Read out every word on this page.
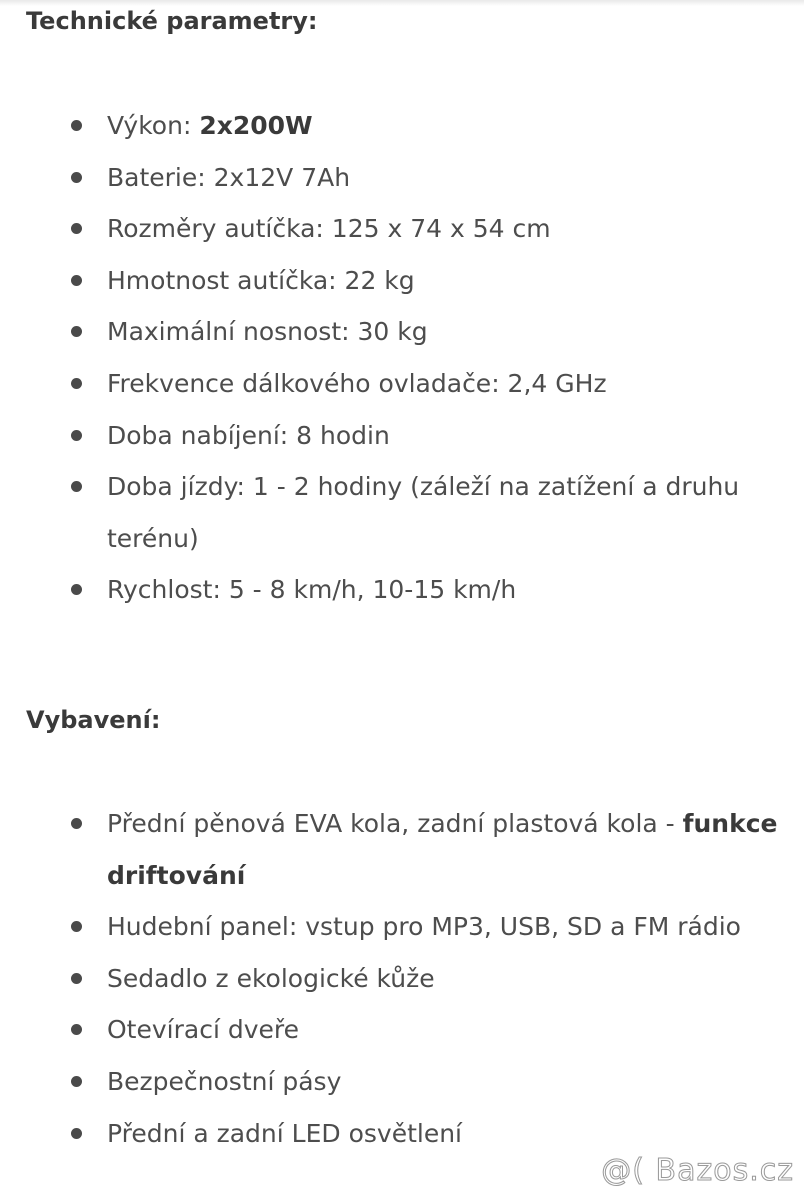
Technické parametry:
Výkon: 2x200W
Baterie: 2x12V 7Ah
Rozměry autíčka: 125 x 74 x 54 cm
Hmotnost autíčka: 22 kg
Maximální nosnost: 30 kg
Frekvence dálkového ovladače: 2,4 GHz
Doba nabíjení: 8 hodin
Doba jízdy: 1 - 2 hodiny (záleží na zatížení a druhu terénu)
Rychlost: 5 - 8 km/h, 10-15 km/h
Vybavení:
Přední pěnová EVA kola, zadní plastová kola - funkce driftování
Hudební panel: vstup pro MP3, USB, SD a FM rádio
Sedadlo z ekologické kůže
Otevírací dveře
Bezpečnostní pásy
Přední a zadní LED osvětlení
@( Bazos.cz
